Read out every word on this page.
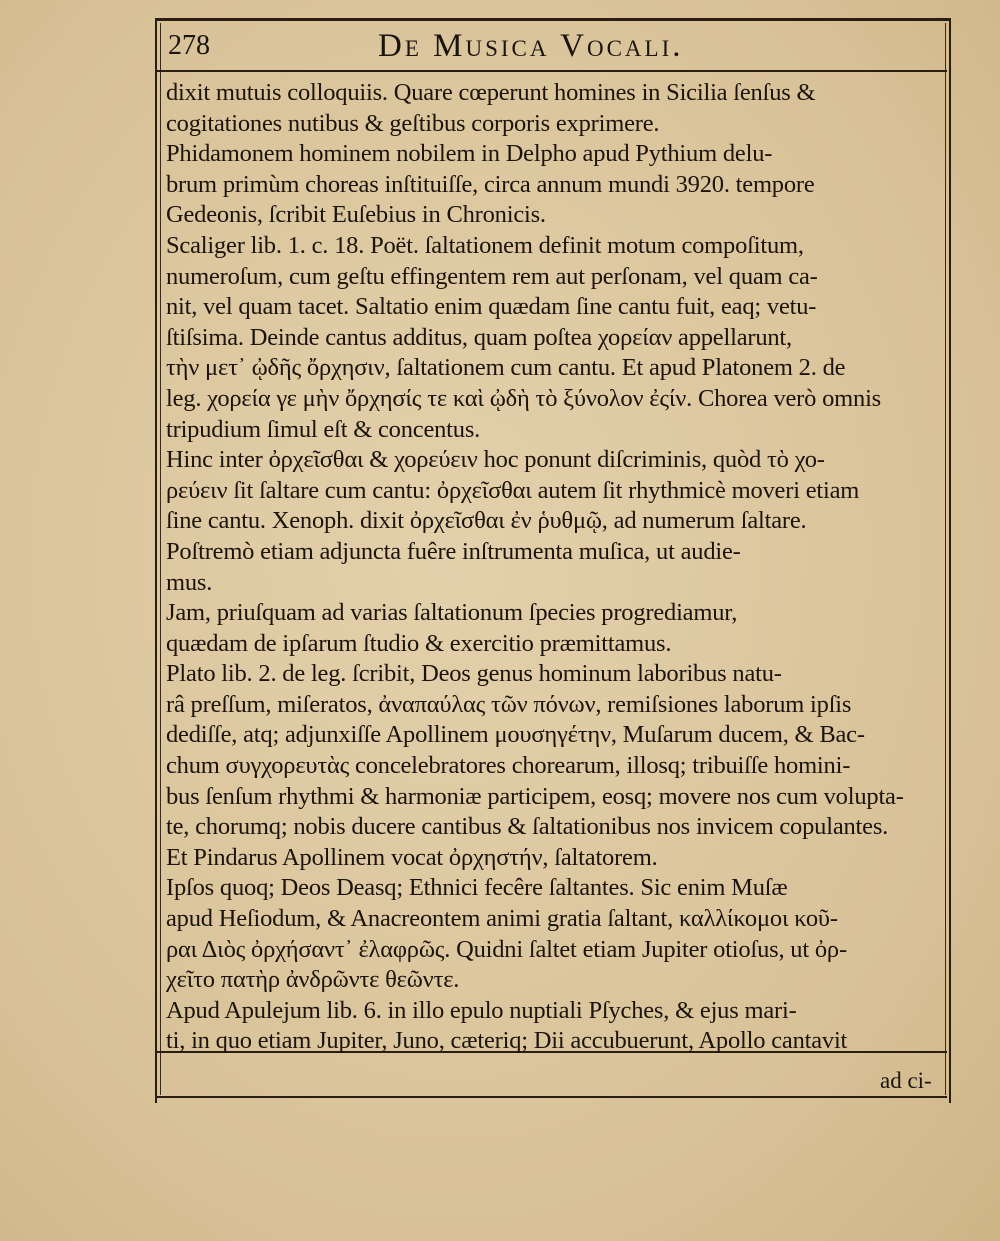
278	De Musica Vocali.
dixit mutuis colloquiis. Quare cœperunt homines in Sicilia ſenſus &
cogitationes nutibus & geſtibus corporis exprimere.
Phidamonem hominem nobilem in Delpho apud Pythium delu-
brum primùm choreas inſtituiſſe, circa annum mundi 3920. tempore
Gedeonis, ſcribit Euſebius in Chronicis.
Scaliger lib. 1. c. 18. Poët. ſaltationem definit motum compoſitum,
numeroſum, cum geſtu effingentem rem aut perſonam, vel quam ca-
nit, vel quam tacet. Saltatio enim quædam ſine cantu fuit, eaq; vetu-
ſtiſsima. Deinde cantus additus, quam poſtea χορείαν appellarunt,
τὴν μετ᾽ ᾠδῆς ὄρχησιν, ſaltationem cum cantu. Et apud Platonem 2. de
leg. χορεία γε μὴν ὄρχησίς τε καὶ ᾠδὴ τὸ ξύνολον ἐςίν. Chorea verò omnis
tripudium ſimul eſt & concentus.
Hinc inter ὀρχεῖσθαι & χορεύειν hoc ponunt diſcriminis, quòd τὸ χο-
ρεύειν ſit ſaltare cum cantu: ὀρχεῖσθαι autem ſit rhythmicè moveri etiam
ſine cantu. Xenoph. dixit ὀρχεῖσθαι ἐν ῥυθμῷ, ad numerum ſaltare.
Poſtremò etiam adjuncta fuêre inſtrumenta muſica, ut audie-
mus.
Jam, priuſquam ad varias ſaltationum ſpecies progrediamur,
quædam de ipſarum ſtudio & exercitio præmittamus.
Plato lib. 2. de leg. ſcribit, Deos genus hominum laboribus natu-
râ preſſum, miſeratos, ἀναπαύλας τῶν πόνων, remiſsiones laborum ipſis
dediſſe, atq; adjunxiſſe Apollinem μουσηγέτην, Muſarum ducem, & Bac-
chum συγχορευτὰς concelebratores chorearum, illosq; tribuiſſe homini-
bus ſenſum rhythmi & harmoniæ participem, eosq; movere nos cum volupta-
te, chorumq; nobis ducere cantibus & ſaltationibus nos invicem copulantes.
Et Pindarus Apollinem vocat ὀρχηστήν, ſaltatorem.
Ipſos quoq; Deos Deasq; Ethnici fecêre ſaltantes. Sic enim Muſæ
apud Heſiodum, & Anacreontem animi gratia ſaltant, καλλίκομοι κοῦ-
ραι Διὸς ὀρχήσαντ᾽ ἐλαφρῶς. Quidni ſaltet etiam Jupiter otioſus, ut ὀρ-
χεῖτο πατὴρ ἀνδρῶντε θεῶντε.
Apud Apulejum lib. 6. in illo epulo nuptiali Pſyches, & ejus mari-
ti, in quo etiam Jupiter, Juno, cæteriq; Dii accubuerunt, Apollo cantavit
ad ci-
